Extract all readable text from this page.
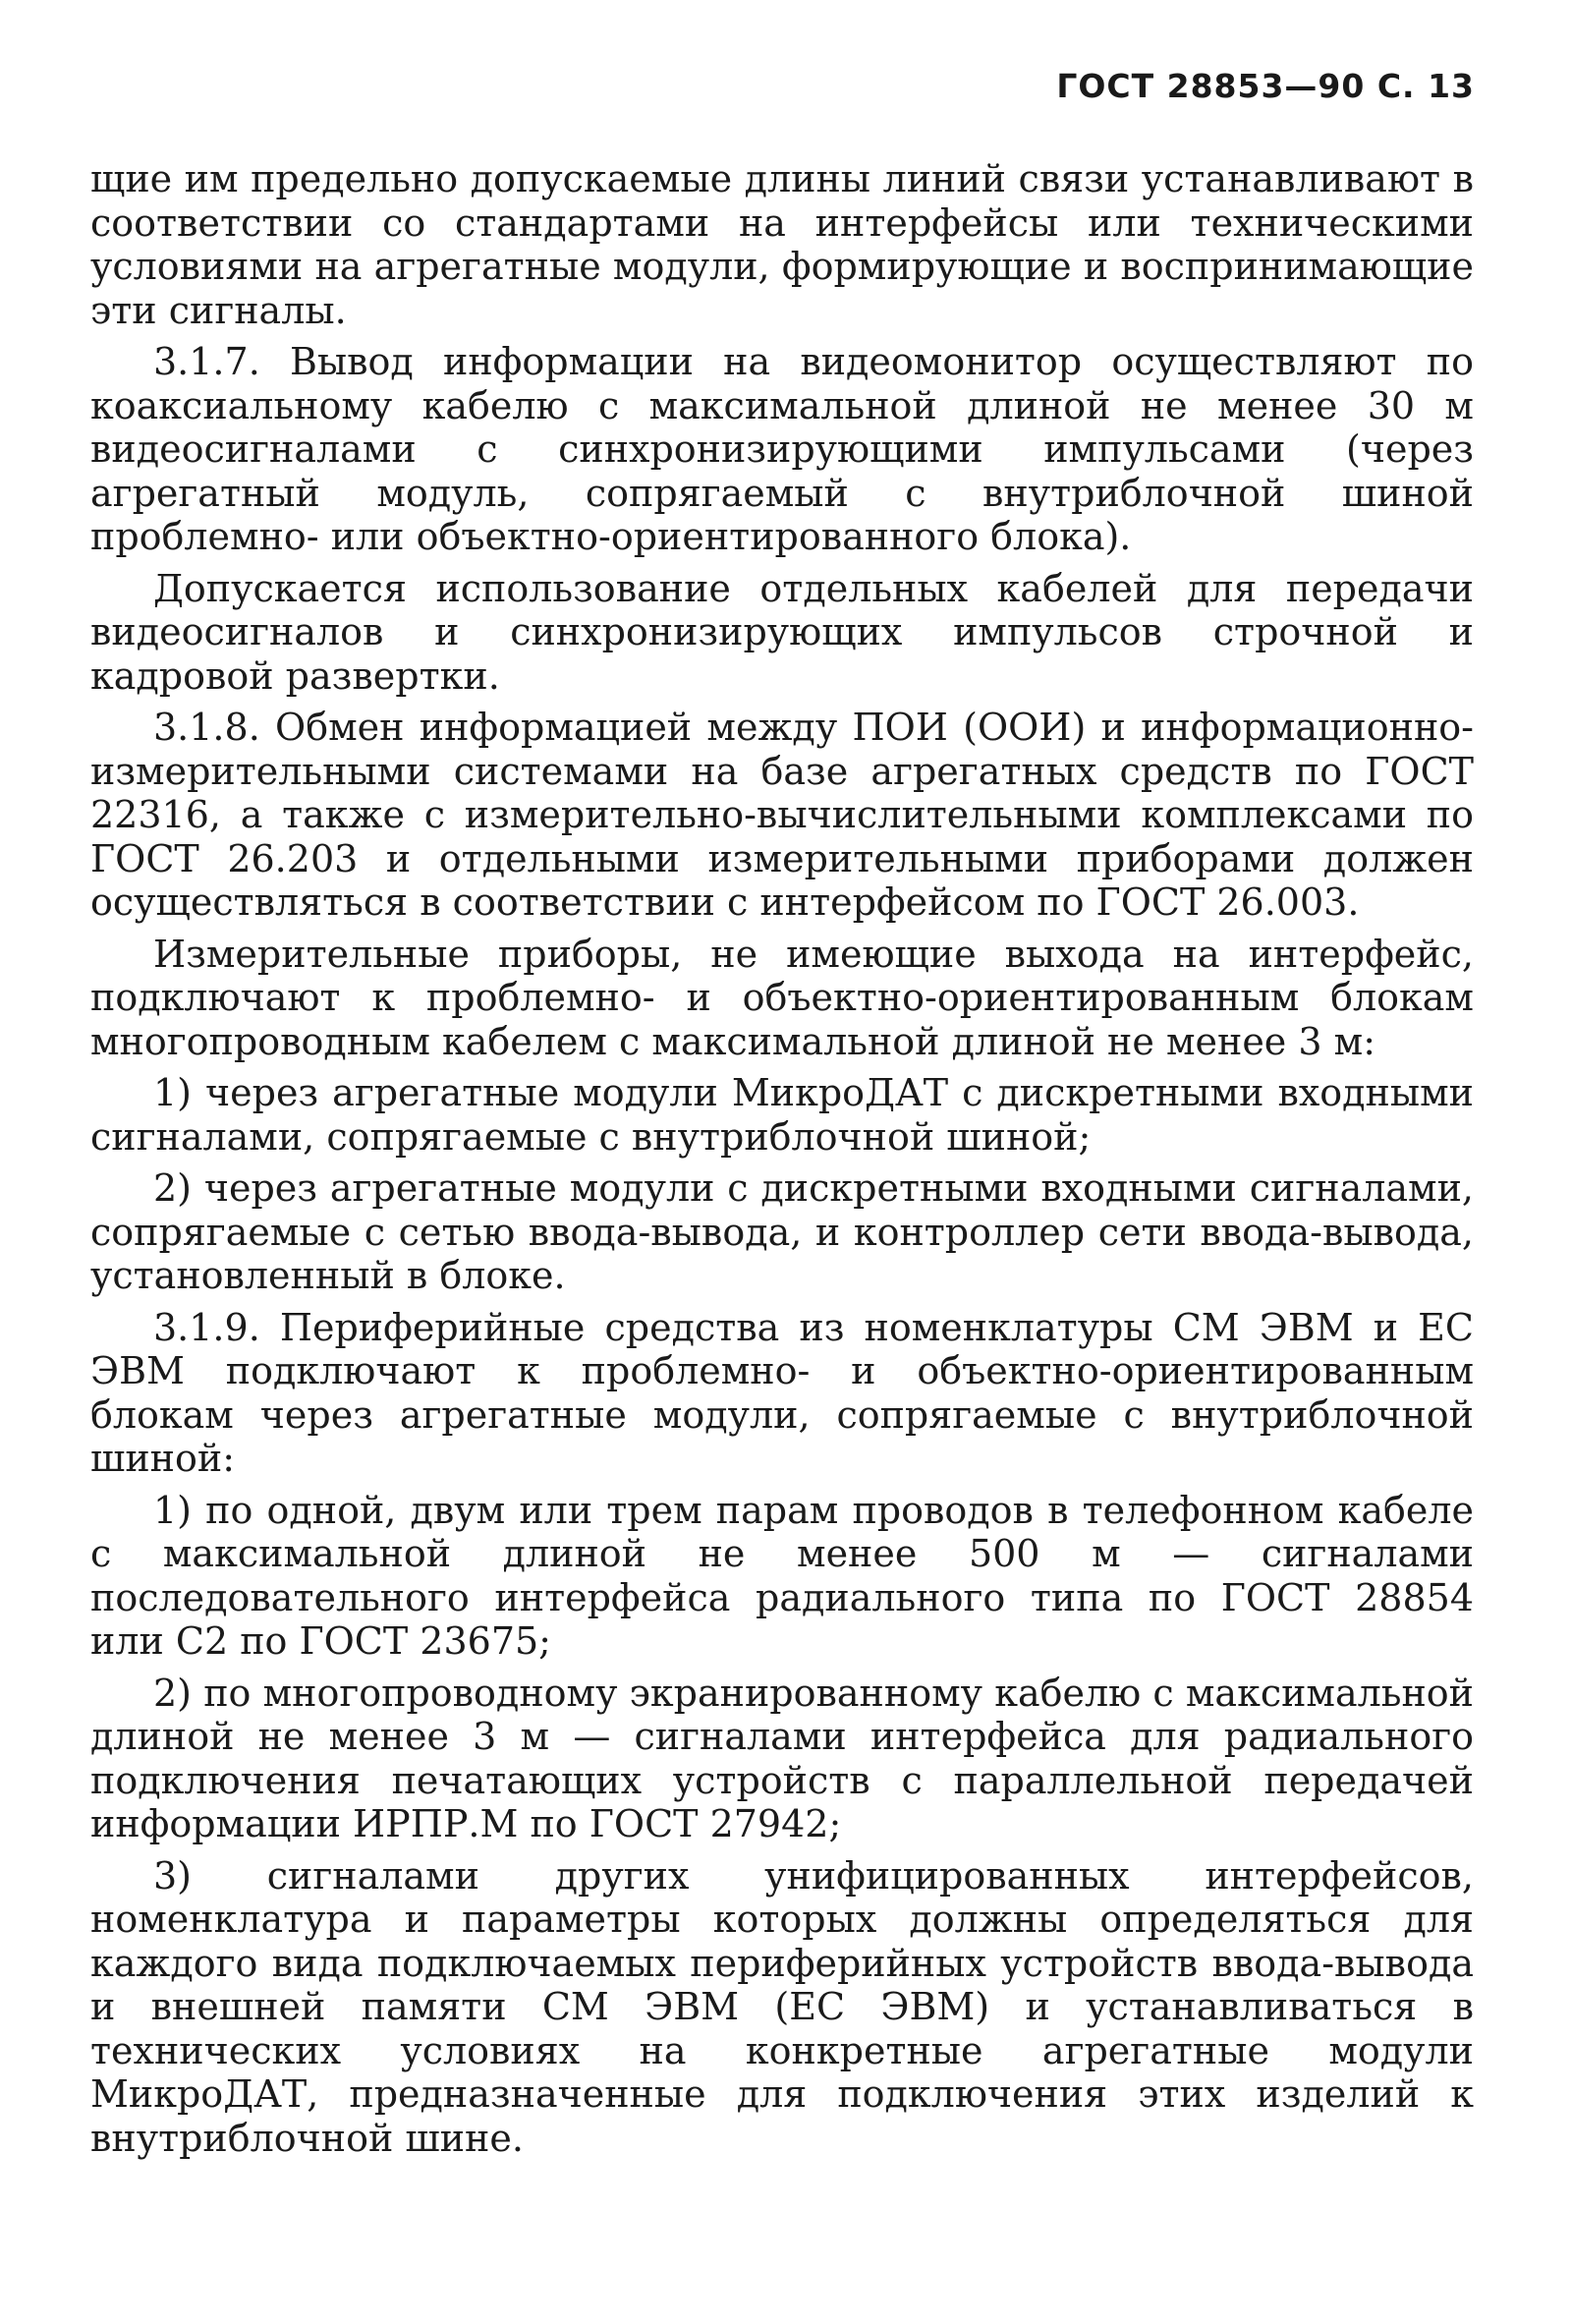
ГОСТ 28853—90 С. 13

щие им предельно допускаемые длины линий связи устанавливают в соответствии со стандартами на интерфейсы или техническими условиями на агрегатные модули, формирующие и воспринимающие эти сигналы.

3.1.7. Вывод информации на видеомонитор осуществляют по коаксиальному кабелю с максимальной длиной не менее 30 м видеосигналами с синхронизирующими импульсами (через агрегатный модуль, сопрягаемый с внутриблочной шиной проблемно- или объектно-ориентированного блока).

Допускается использование отдельных кабелей для передачи видеосигналов и синхронизирующих импульсов строчной и кадровой развертки.

3.1.8. Обмен информацией между ПОИ (ООИ) и информационно-измерительными системами на базе агрегатных средств по ГОСТ 22316, а также с измерительно-вычислительными комплексами по ГОСТ 26.203 и отдельными измерительными приборами должен осуществляться в соответствии с интерфейсом по ГОСТ 26.003.

Измерительные приборы, не имеющие выхода на интерфейс, подключают к проблемно- и объектно-ориентированным блокам многопроводным кабелем с максимальной длиной не менее 3 м:

1) через агрегатные модули МикроДАТ с дискретными входными сигналами, сопрягаемые с внутриблочной шиной;

2) через агрегатные модули с дискретными входными сигналами, сопрягаемые с сетью ввода-вывода, и контроллер сети ввода-вывода, установленный в блоке.

3.1.9. Периферийные средства из номенклатуры СМ ЭВМ и ЕС ЭВМ подключают к проблемно- и объектно-ориентированным блокам через агрегатные модули, сопрягаемые с внутриблочной шиной:

1) по одной, двум или трем парам проводов в телефонном кабеле с максимальной длиной не менее 500 м — сигналами последовательного интерфейса радиального типа по ГОСТ 28854 или С2 по ГОСТ 23675;

2) по многопроводному экранированному кабелю с максимальной длиной не менее 3 м — сигналами интерфейса для радиального подключения печатающих устройств с параллельной передачей информации ИРПР.М по ГОСТ 27942;

3) сигналами других унифицированных интерфейсов, номенклатура и параметры которых должны определяться для каждого вида подключаемых периферийных устройств ввода-вывода и внешней памяти СМ ЭВМ (ЕС ЭВМ) и устанавливаться в технических условиях на конкретные агрегатные модули МикроДАТ, предназначенные для подключения этих изделий к внутриблочной шине.
